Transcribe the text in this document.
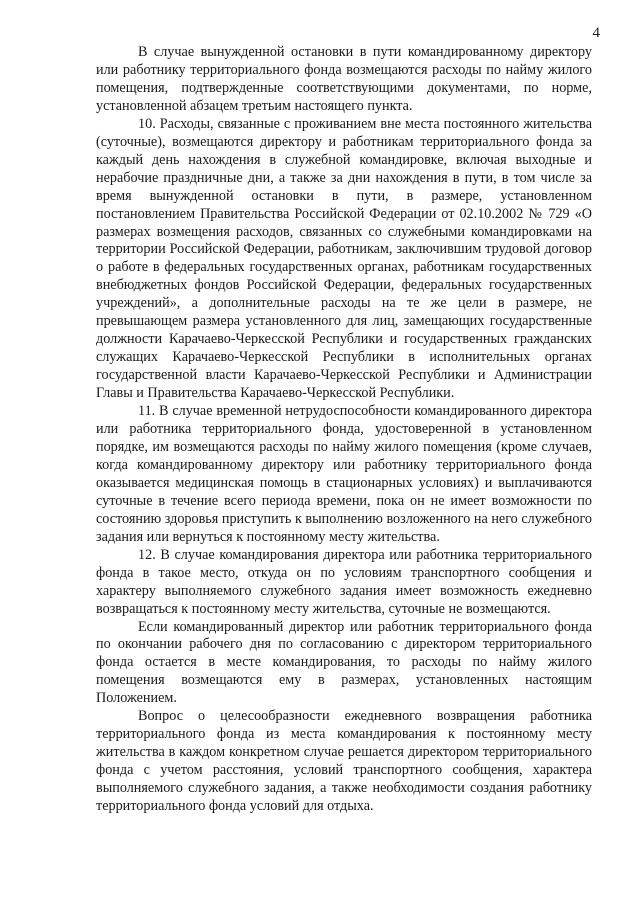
4

В случае вынужденной остановки в пути командированному директору или работнику территориального фонда возмещаются расходы по найму жилого помещения, подтвержденные соответствующими документами, по норме, установленной абзацем третьим настоящего пункта.

10. Расходы, связанные с проживанием вне места постоянного жительства (суточные), возмещаются директору и работникам территориального фонда за каждый день нахождения в служебной командировке, включая выходные и нерабочие праздничные дни, а также за дни нахождения в пути, в том числе за время вынужденной остановки в пути, в размере, установленном постановлением Правительства Российской Федерации от 02.10.2002 № 729 «О размерах возмещения расходов, связанных со служебными командировками на территории Российской Федерации, работникам, заключившим трудовой договор о работе в федеральных государственных органах, работникам государственных внебюджетных фондов Российской Федерации, федеральных государственных учреждений», а дополнительные расходы на те же цели в размере, не превышающем размера установленного для лиц, замещающих государственные должности Карачаево-Черкесской Республики и государственных гражданских служащих Карачаево-Черкесской Республики в исполнительных органах государственной власти Карачаево-Черкесской Республики и Администрации Главы и Правительства Карачаево-Черкесской Республики.

11. В случае временной нетрудоспособности командированного директора или работника территориального фонда, удостоверенной в установленном порядке, им возмещаются расходы по найму жилого помещения (кроме случаев, когда командированному директору или работнику территориального фонда оказывается медицинская помощь в стационарных условиях) и выплачиваются суточные в течение всего периода времени, пока он не имеет возможности по состоянию здоровья приступить к выполнению возложенного на него служебного задания или вернуться к постоянному месту жительства.

12. В случае командирования директора или работника территориального фонда в такое место, откуда он по условиям транспортного сообщения и характеру выполняемого служебного задания имеет возможность ежедневно возвращаться к постоянному месту жительства, суточные не возмещаются.

Если командированный директор или работник территориального фонда по окончании рабочего дня по согласованию с директором территориального фонда остается в месте командирования, то расходы по найму жилого помещения возмещаются ему в размерах, установленных настоящим Положением.

Вопрос о целесообразности ежедневного возвращения работника территориального фонда из места командирования к постоянному месту жительства в каждом конкретном случае решается директором территориального фонда с учетом расстояния, условий транспортного сообщения, характера выполняемого служебного задания, а также необходимости создания работнику территориального фонда условий для отдыха.
